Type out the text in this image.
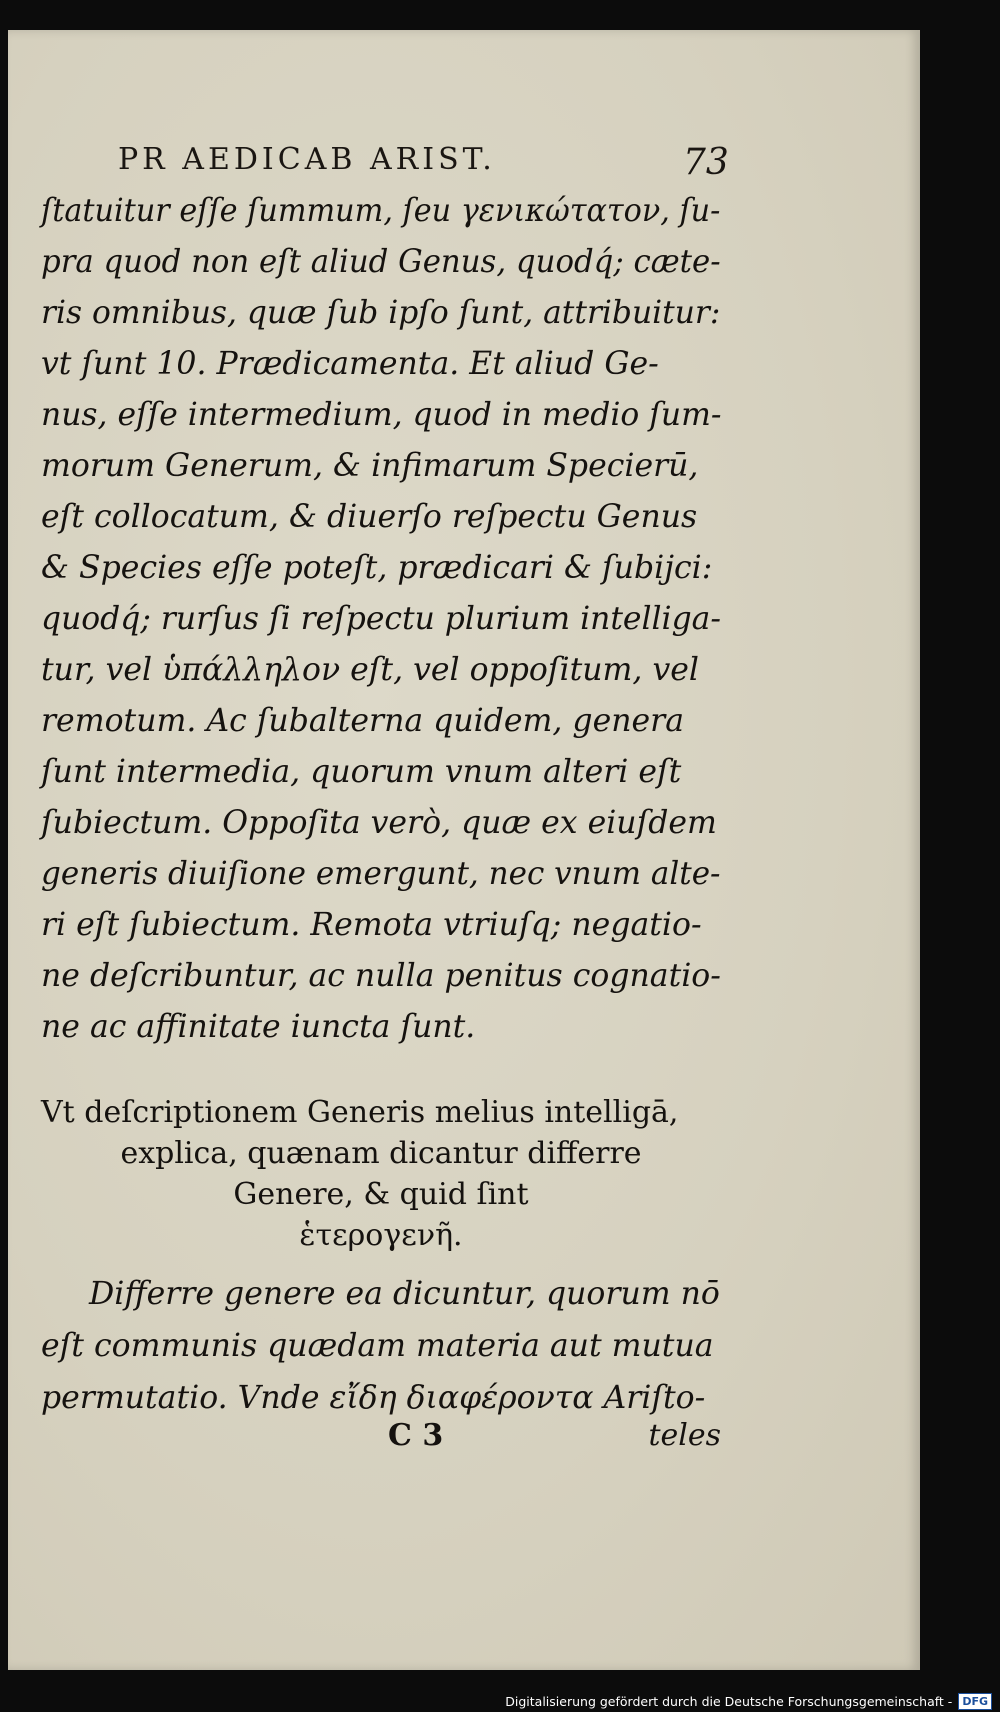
PR AEDICAB ARIST.	73
ſtatuitur eſſe ſummum, ſeu γενικώτατον, ſu-
pra quod non eſt aliud Genus, quodq́; cæte-
ris omnibus, quæ ſub ipſo ſunt, attribuitur:
vt ſunt 10. Prædicamenta. Et aliud Ge-
nus, eſſe intermedium, quod in medio ſum-
morum Generum, & infimarum Specierū,
eſt collocatum, & diuerſo reſpectu Genus
& Species eſſe poteſt, prædicari & ſubijci:
quodq́; rurſus ſi reſpectu plurium intelliga-
tur, vel ὑπάλληλον eſt, vel oppoſitum, vel
remotum. Ac ſubalterna quidem, genera
ſunt intermedia, quorum vnum alteri eſt
ſubiectum. Oppoſita verò, quæ ex eiuſdem
generis diuiſione emergunt, nec vnum alte-
ri eſt ſubiectum. Remota vtriuſq; negatio-
ne deſcribuntur, ac nulla penitus cognatio-
ne ac affinitate iuncta ſunt.
Vt deſcriptionem Generis melius intelligā,
explica, quænam dicantur differre
Genere, & quid ſint
ἑτερογενῆ.
Differre genere ea dicuntur, quorum nō
eſt communis quædam materia aut mutua
permutatio. Vnde εἴδη διαφέροντα Ariſto-
C 3	teles
Digitalisierung gefördert durch die Deutsche Forschungsgemeinschaft - DFG
